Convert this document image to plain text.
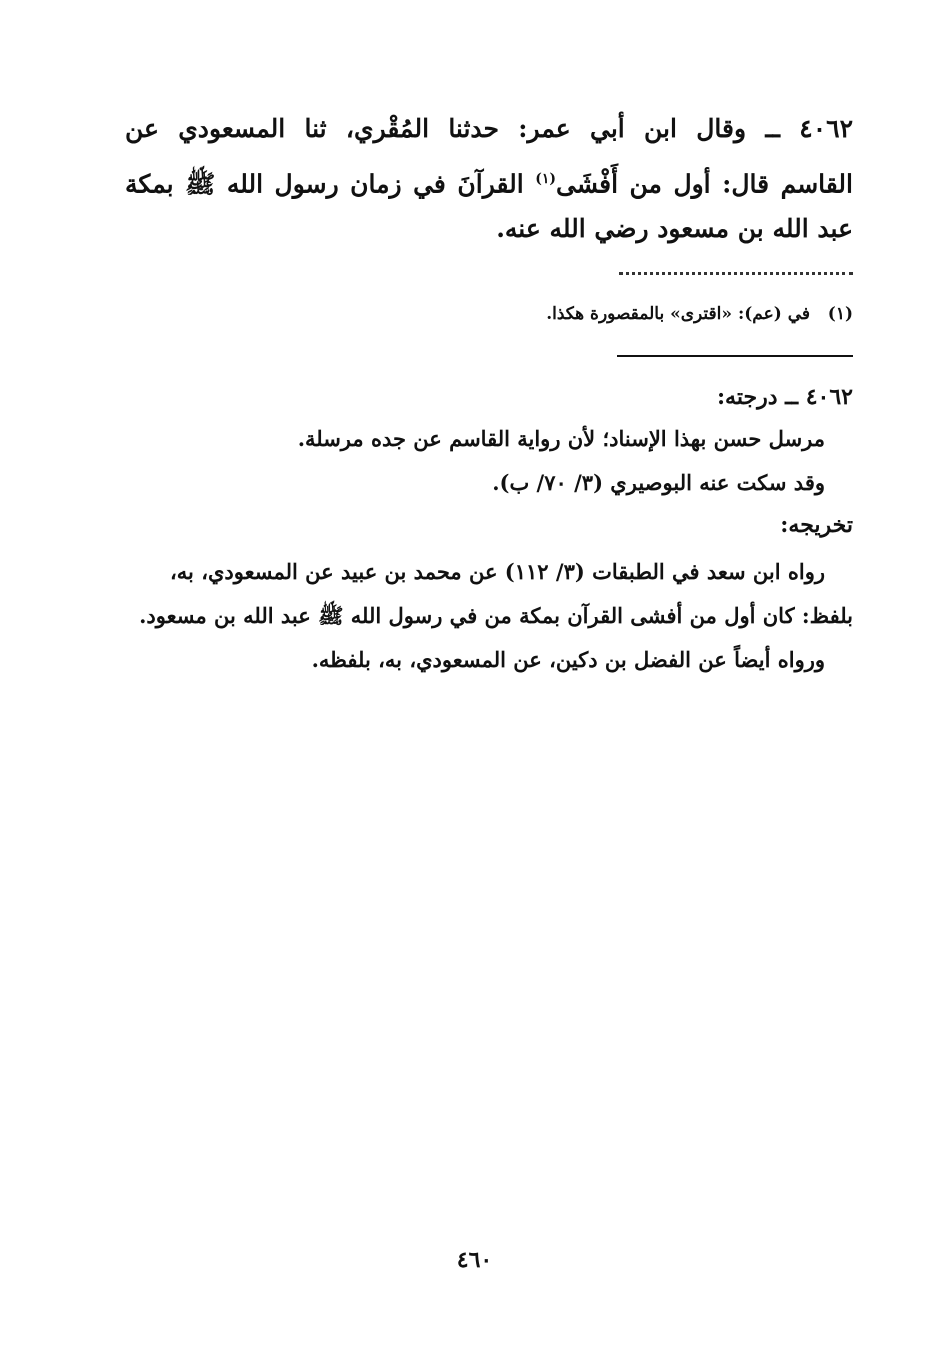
٤٠٦٢ ــ وقال ابن أبي عمر: حدثنا المُقْري، ثنا المسعودي عن
القاسم قال: أول من أَفْشَى$^{(١)}$ القرآنَ في زمان رسول الله ﷺ بمكة
عبد الله بن مسعود رضي الله عنه.
(١)   في (عم): «اقترى» بالمقصورة هكذا.
٤٠٦٢ ــ درجته:
مرسل حسن بهذا الإسناد؛ لأن رواية القاسم عن جده مرسلة.
وقد سكت عنه البوصيري (٣/ ٧٠/ ب).
تخريجه:
رواه ابن سعد في الطبقات (٣/ ١١٢) عن محمد بن عبيد عن المسعودي، به،
بلفظ: كان أول من أفشى القرآن بمكة من في رسول الله ﷺ عبد الله بن مسعود.
ورواه أيضاً عن الفضل بن دكين، عن المسعودي، به، بلفظه.
٤٦٠
